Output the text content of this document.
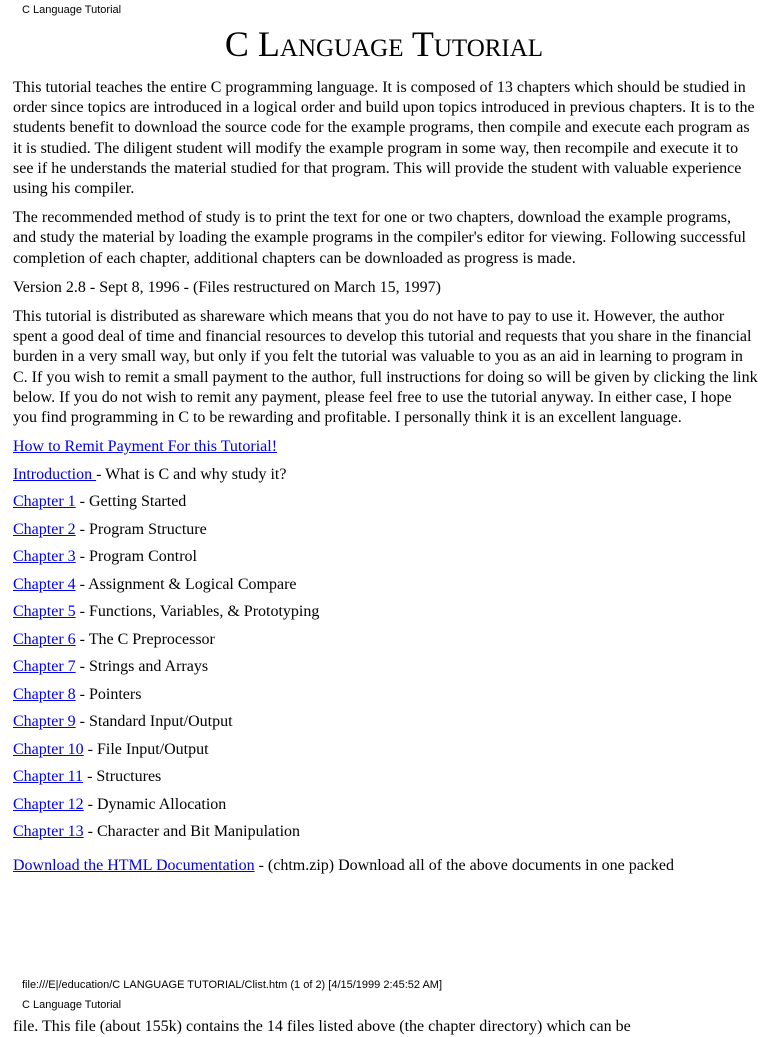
C Language Tutorial
C Language Tutorial

This tutorial teaches the entire C programming language. It is composed of 13 chapters which should be studied in order since topics are introduced in a logical order and build upon topics introduced in previous chapters. It is to the students benefit to download the source code for the example programs, then compile and execute each program as it is studied. The diligent student will modify the example program in some way, then recompile and execute it to see if he understands the material studied for that program. This will provide the student with valuable experience using his compiler.

The recommended method of study is to print the text for one or two chapters, download the example programs, and study the material by loading the example programs in the compiler's editor for viewing. Following successful completion of each chapter, additional chapters can be downloaded as progress is made.

Version 2.8 - Sept 8, 1996 - (Files restructured on March 15, 1997)

This tutorial is distributed as shareware which means that you do not have to pay to use it. However, the author spent a good deal of time and financial resources to develop this tutorial and requests that you share in the financial burden in a very small way, but only if you felt the tutorial was valuable to you as an aid in learning to program in C. If you wish to remit a small payment to the author, full instructions for doing so will be given by clicking the link below. If you do not wish to remit any payment, please feel free to use the tutorial anyway. In either case, I hope you find programming in C to be rewarding and profitable. I personally think it is an excellent language.

How to Remit Payment For this Tutorial!
Introduction - What is C and why study it?
Chapter 1 - Getting Started
Chapter 2 - Program Structure
Chapter 3 - Program Control
Chapter 4 - Assignment & Logical Compare
Chapter 5 - Functions, Variables, & Prototyping
Chapter 6 - The C Preprocessor
Chapter 7 - Strings and Arrays
Chapter 8 - Pointers
Chapter 9 - Standard Input/Output
Chapter 10 - File Input/Output
Chapter 11 - Structures
Chapter 12 - Dynamic Allocation
Chapter 13 - Character and Bit Manipulation
Download the HTML Documentation - (chtm.zip) Download all of the above documents in one packed
file:///E|/education/C LANGUAGE TUTORIAL/Clist.htm (1 of 2) [4/15/1999 2:45:52 AM]
C Language Tutorial
file. This file (about 155k) contains the 14 files listed above (the chapter directory) which can be
